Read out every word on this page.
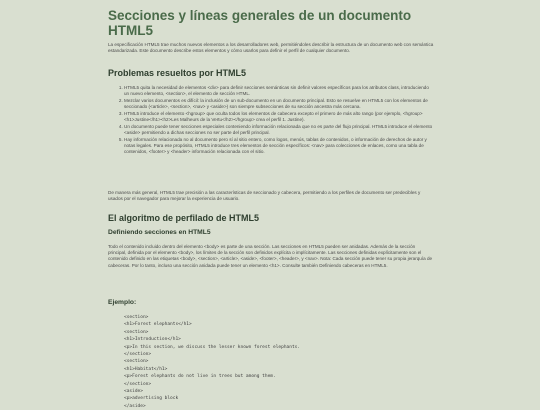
Secciones y líneas generales de un documento HTML5

La especificación HTML5 trae muchos nuevos elementos a los desarrolladores web, permitiéndoles describir la estructura de un documento web con semántica estandarizada. Este documento describe estos elementos y cómo usarlos para definir el perfil de cualquier documento.

Problemas resueltos por HTML5
1. HTML5 quita la necesidad de elementos <div> para definir secciones semánticas sin definir valores específicos para los atributos class, introduciendo un nuevo elemento, <section>, el elemento de sección HTML.
2. Mezclar varios documentos es difícil: la inclusión de un sub-documento en un documento principal. Esto se resuelve en HTML5 con los elementos de seccionado (<article>, <section>, <nav> y <aside>) son siempre subsecciones de su sección ancestra más cercana.
3. HTML5 introduce el elemento <hgroup> que oculta todos los elementos de cabecera excepto el primero de más alto rango (por ejemplo, <hgroup><h1>Justine</h1><h2>Les Malheurs de la Vertu</h2></hgroup> crea el perfil 1. Justine).
4. Un documento puede tener secciones especiales conteniendo información relacionada que no es parte del flujo principal. HTML5 introduce el elemento <aside> permitiendo a dichas secciones no ser parte del perfil principal.
5. Hay información relacionada no al documento pero sí al sitio entero, como logos, menús, tablas de contenidos, o información de derechos de autor y notas legales. Para ese propósito, HTML5 introduce tres elementos de sección específicos: <nav> para colecciones de enlaces, como una tabla de contenidos, <footer> y <header> información relacionada con el sitio.

De manera más general, HTML5 trae precisión a las características de seccionado y cabecera, permitiendo a los perfiles de documento ser predecibles y usados por el navegador para mejorar la experiencia de usuario.

El algoritmo de perfilado de HTML5
Definiendo secciones en HTML5

Todo el contenido incluido dentro del elemento <body> es parte de una sección. Las secciones en HTML5 pueden ser anidadas. Además de la sección principal, definida por el elemento <body>, los límites de la sección son definidos explícita o implícitamente. Las secciones definidas explícitamente son el contenido definido en las etiquetas <body>, <section>, <article>, <aside>, <footer>, <header>, y <nav>. Nota: Cada sección puede tener su propia jerarquía de cabeceras. Por lo tanto, incluso una sección anidada puede tener un elemento <h1>. Consulte también Definiendo cabeceras en HTML5.

Ejemplo:
<section>
<h1>Forest elephants</h1>
<section>
<h1>Introduction</h1>
<p>In this section, we discuss the lesser known forest elephants.
</section>
<section>
<h1>Habitat</h1>
<p>Forest elephants do not live in trees but among them.
</section>
<aside>
<p>advertising block
</aside>
